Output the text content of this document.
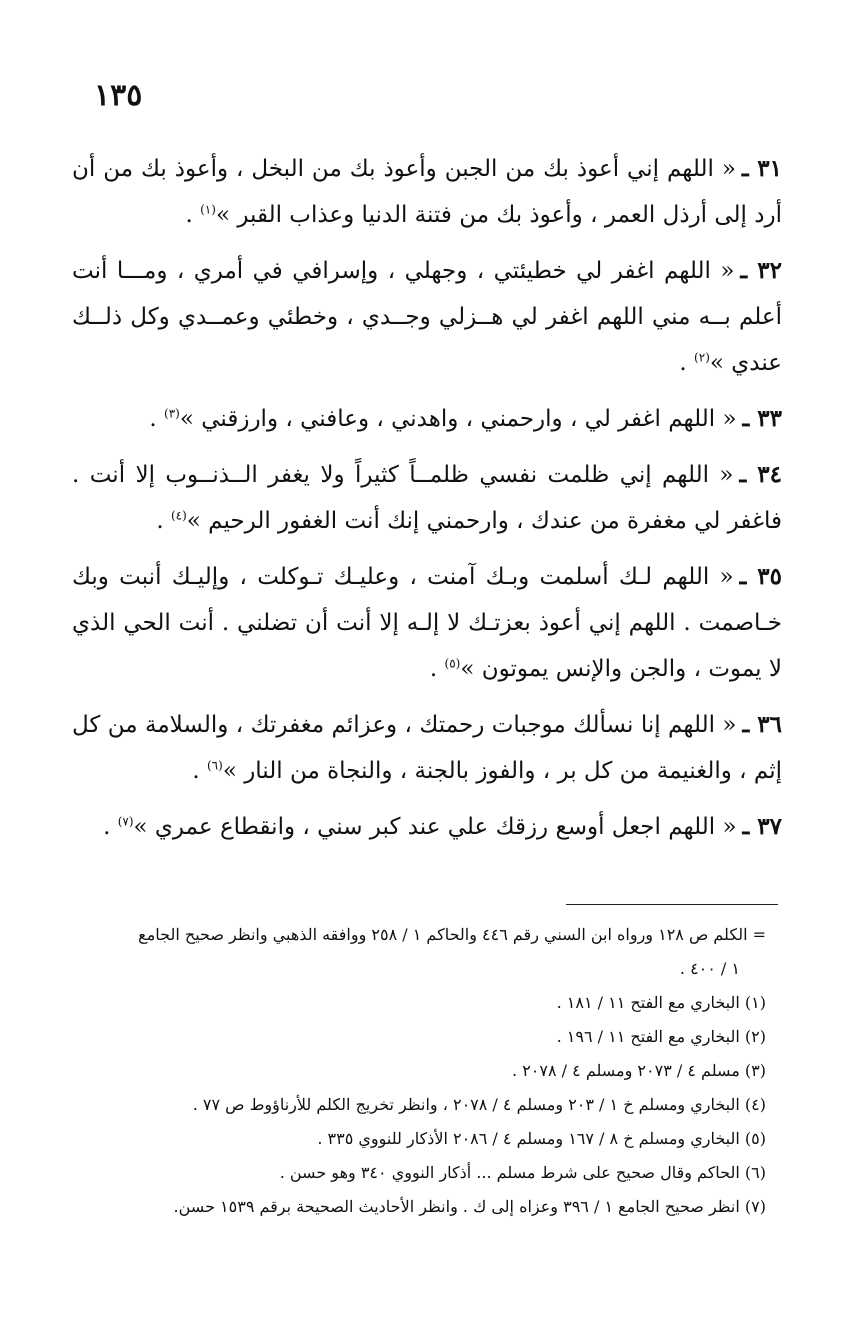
١٣٥

٣١ ـ« اللهم إني أعوذ بك من الجبن وأعوذ بك من البخل ، وأعوذ بك من أن أرد إلى أرذل العمر ، وأعوذ بك من فتنة الدنيا وعذاب القبر »$^{(١)}$ .

٣٢ ـ« اللهم اغفر لي خطيئتي ، وجهلي ، وإسرافي في أمري ، ومـــا أنت أعلم بــه مني اللهم اغفر لي هــزلي وجــدي ، وخطئي وعمــدي وكل ذلــك عندي »$^{(٢)}$ .

٣٣ ـ« اللهم اغفر لي ، وارحمني ، واهدني ، وعافني ، وارزقني »$^{(٣)}$ .

٣٤ ـ« اللهم إني ظلمت نفسي ظلمــاً كثيراً ولا يغفر الــذنــوب إلا أنت . فاغفر لي مغفرة من عندك ، وارحمني إنك أنت الغفور الرحيم »$^{(٤)}$ .

٣٥ ـ« اللهم لـك أسلمت وبـك آمنت ، وعليـك تـوكلت ، وإليـك أنبت وبك خـاصمت . اللهم إني أعوذ بعزتـك لا إلـه إلا أنت أن تضلني . أنت الحي الذي لا يموت ، والجن والإنس يموتون »$^{(٥)}$ .

٣٦ ـ« اللهم إنا نسألك موجبات رحمتك ، وعزائم مغفرتك ، والسلامة من كل إثم ، والغنيمة من كل بر ، والفوز بالجنة ، والنجاة من النار »$^{(٦)}$ .

٣٧ ـ« اللهم اجعل أوسع رزقك علي عند كبر سني ، وانقطاع عمري »$^{(٧)}$ .

= الكلم ص ١٢٨ ورواه ابن السني رقم ٤٤٦ والحاكم ١ / ٢٥٨ ووافقه الذهبي وانظر صحيح الجامع

١ / ٤٠٠ .

(١) البخاري مع الفتح ١١ / ١٨١ .

(٢) البخاري مع الفتح ١١ / ١٩٦ .

(٣) مسلم ٤ / ٢٠٧٣ ومسلم ٤ / ٢٠٧٨ .

(٤) البخاري ومسلم خ ١ / ٢٠٣ ومسلم ٤ / ٢٠٧٨ ، وانظر تخريج الكلم للأرناؤوط ص ٧٧ .

(٥) البخاري ومسلم خ ٨ / ١٦٧ ومسلم ٤ / ٢٠٨٦ الأذكار للنووي ٣٣٥ .

(٦) الحاكم وقال صحيح على شرط مسلم ... أذكار النووي ٣٤٠ وهو حسن .

(٧) انظر صحيح الجامع ١ / ٣٩٦ وعزاه إلى ك . وانظر الأحاديث الصحيحة برقم ١٥٣٩ حسن.
